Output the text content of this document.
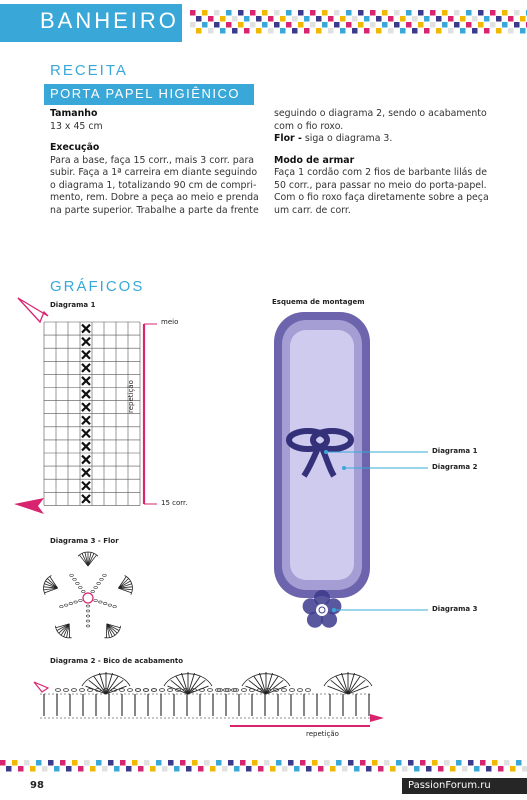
BANHEIRO
RECEITA
PORTA PAPEL HIGIÊNICO
Tamanho
13 x 45 cm
Execução
Para a base, faça 15 corr., mais 3 corr. para
subir. Faça a 1ª carreira em diante seguindo
o diagrama 1, totalizando 90 cm de compri-
mento, rem. Dobre a peça ao meio e prenda
na parte superior. Trabalhe a parte da frente
seguindo o diagrama 2, sendo o acabamento
com o fio roxo.
Flor - siga o diagrama 3.
Modo de armar
Faça 1 cordão com 2 fios de barbante lilás de
50 corr., para passar no meio do porta-papel.
Com o fio roxo faça diretamente sobre a peça
um carr. de corr.
GRÁFICOS
Diagrama 1
meio
15 corr.
repetição
Esquema de montagem
Diagrama 1
Diagrama 2
Diagrama 3
Diagrama 3 - Flor
Diagrama 2 - Bico de acabamento
repetição
98	PassionForum.ru
